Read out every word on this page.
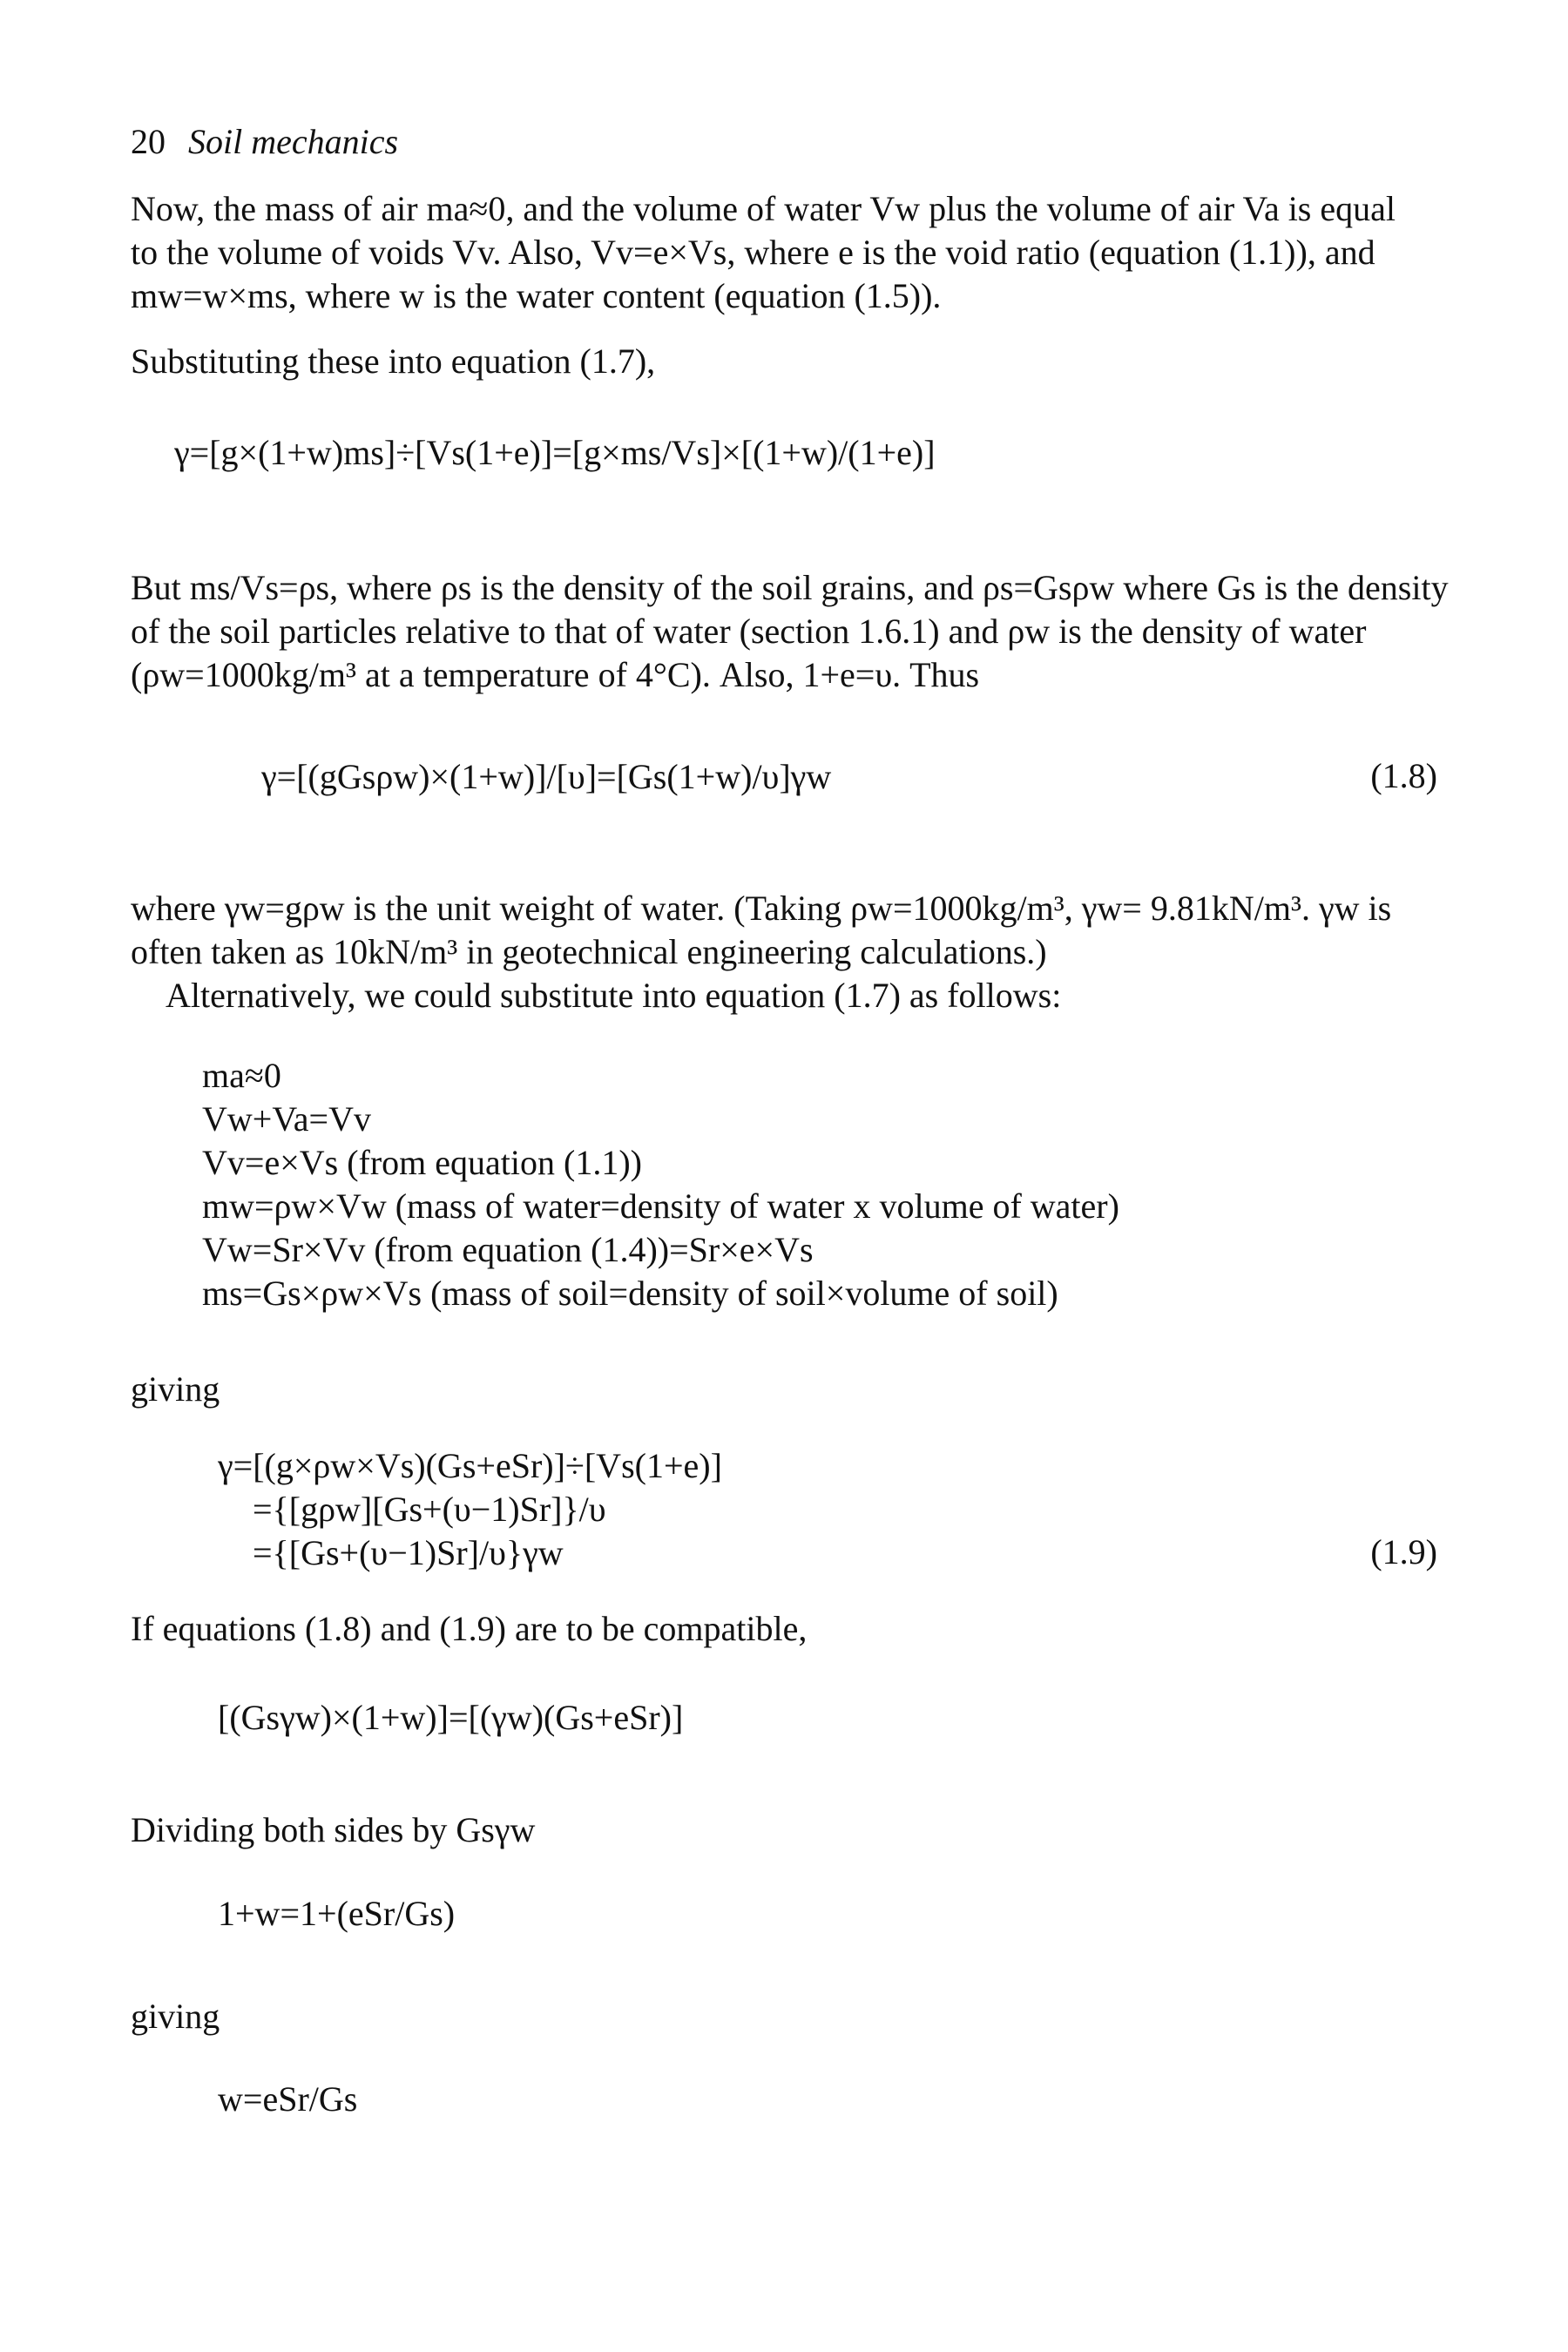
20 Soil mechanics
Now, the mass of air ma≈0, and the volume of water Vw plus the volume of air Va is equal
to the volume of voids Vv. Also, Vv=e×Vs, where e is the void ratio (equation (1.1)), and
mw=w×ms, where w is the water content (equation (1.5)).
Substituting these into equation (1.7),
γ=[g×(1+w)ms]÷[Vs(1+e)]=[g×ms/Vs]×[(1+w)/(1+e)]
But ms/Vs=ρs, where ρs is the density of the soil grains, and ρs=Gsρw where Gs is the density
of the soil particles relative to that of water (section 1.6.1) and ρw is the density of water
(ρw=1000kg/m³ at a temperature of 4°C). Also, 1+e=υ. Thus
γ=[(gGsρw)×(1+w)]/[υ]=[Gs(1+w)/υ]γw	(1.8)
where γw=gρw is the unit weight of water. (Taking ρw=1000kg/m³, γw= 9.81kN/m³. γw is
often taken as 10kN/m³ in geotechnical engineering calculations.)
Alternatively, we could substitute into equation (1.7) as follows:
ma≈0
Vw+Va=Vv
Vv=e×Vs (from equation (1.1))
mw=ρw×Vw (mass of water=density of water x volume of water)
Vw=Sr×Vv (from equation (1.4))=Sr×e×Vs
ms=Gs×ρw×Vs (mass of soil=density of soil×volume of soil)
giving
γ=[(g×ρw×Vs)(Gs+eSr)]÷[Vs(1+e)]
={[gρw][Gs+(υ−1)Sr]}/υ
={[Gs+(υ−1)Sr]/υ}γw	(1.9)
If equations (1.8) and (1.9) are to be compatible,
[(Gsγw)×(1+w)]=[(γw)(Gs+eSr)]
Dividing both sides by Gsγw
1+w=1+(eSr/Gs)
giving
w=eSr/Gs
